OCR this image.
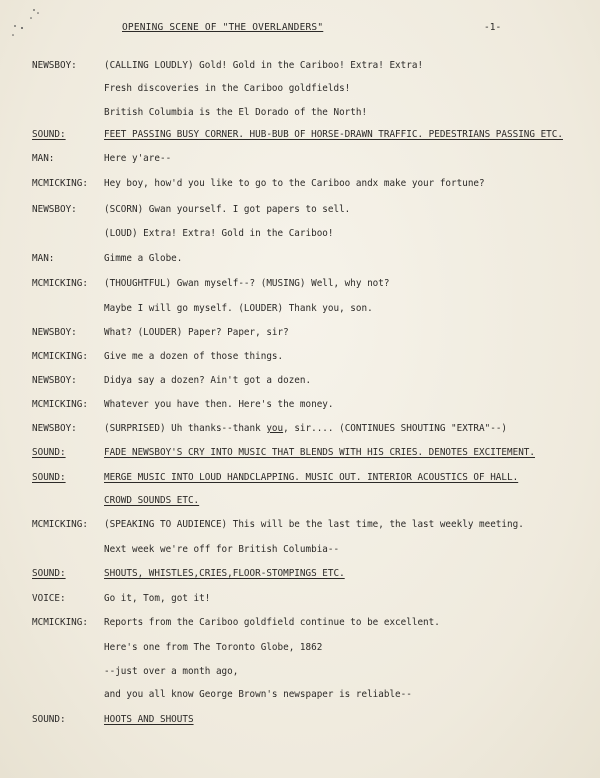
OPENING SCENE OF "THE OVERLANDERS"	-1-
NEWSBOY:	(CALLING LOUDLY) Gold! Gold in the Cariboo! Extra! Extra!
Fresh discoveries in the Cariboo goldfields!
British Columbia is the El Dorado of the North!
SOUND:	FEET PASSING BUSY CORNER. HUB-BUB OF HORSE-DRAWN TRAFFIC. PEDESTRIANS PASSING ETC.
MAN:	Here y'are--
MCMICKING: Hey boy, how'd you like to go to the Cariboo andx make your fortune?
NEWSBOY:	(SCORN) Gwan yourself. I got papers to sell.
(LOUD) Extra! Extra! Gold in the Cariboo!
MAN:	Gimme a Globe.
MCMICKING: (THOUGHTFUL) Gwan myself--? (MUSING) Well, why not?
Maybe I will go myself. (LOUDER) Thank you, son.
NEWSBOY:	What? (LOUDER) Paper? Paper, sir?
MCMICKING: Give me a dozen of those things.
NEWSBOY:	Didya say a dozen? Ain't got a dozen.
MCMICKING: Whatever you have then. Here's the money.
NEWSBOY:	(SURPRISED) Uh thanks--thank you, sir.... (CONTINUES SHOUTING "EXTRA"--)
SOUND:	FADE NEWSBOY'S CRY INTO MUSIC THAT BLENDS WITH HIS CRIES. DENOTES EXCITEMENT.
SOUND:	MERGE MUSIC INTO LOUD HANDCLAPPING. MUSIC OUT. INTERIOR ACOUSTICS OF HALL.
CROWD SOUNDS ETC.
MCMICKING: (SPEAKING TO AUDIENCE) This will be the last time, the last weekly meeting.
Next week we're off for British Columbia--
SOUND:	SHOUTS, WHISTLES,CRIES,FLOOR-STOMPINGS ETC.
VOICE:	Go it, Tom, got it!
MCMICKING: Reports from the Cariboo goldfield continue to be excellent.
Here's one from The Toronto Globe, 1862
--just over a month ago,
and you all know George Brown's newspaper is reliable--
SOUND:	HOOTS AND SHOUTS
